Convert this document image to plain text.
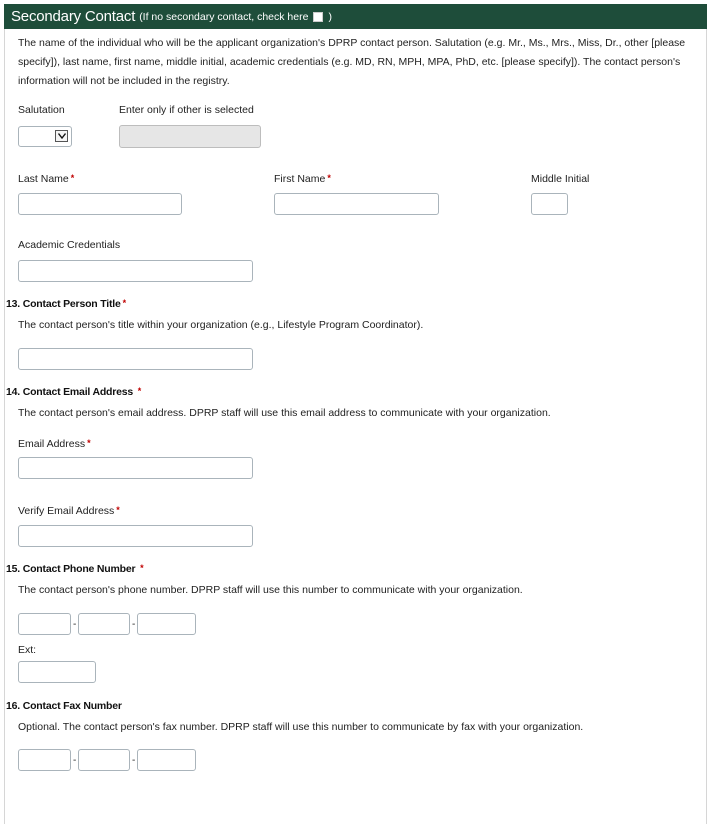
Secondary Contact (If no secondary contact, check here )
The name of the individual who will be the applicant organization's DPRP contact person. Salutation (e.g. Mr., Ms., Mrs., Miss, Dr., other [please
specify]), last name, first name, middle initial, academic credentials (e.g. MD, RN, MPH, MPA, PhD, etc. [please specify]). The contact person's
information will not be included in the registry.
Salutation	Enter only if other is selected
Last Name *	First Name *	Middle Initial
Academic Credentials
13. Contact Person Title *
The contact person's title within your organization (e.g., Lifestyle Program Coordinator).
14. Contact Email Address *
The contact person's email address. DPRP staff will use this email address to communicate with your organization.
Email Address *
Verify Email Address *
15. Contact Phone Number *
The contact person's phone number. DPRP staff will use this number to communicate with your organization.
-	-
Ext:
16. Contact Fax Number
Optional. The contact person's fax number. DPRP staff will use this number to communicate by fax with your organization.
-	-
